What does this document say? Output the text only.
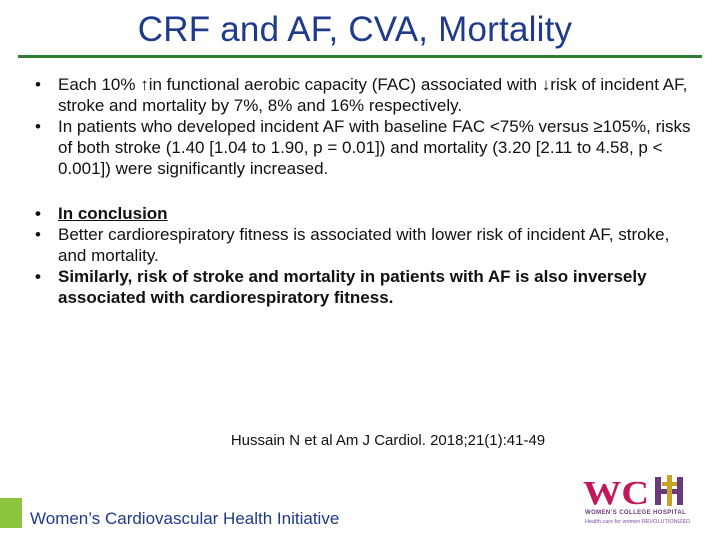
CRF and AF, CVA, Mortality

• Each 10% ↑in functional aerobic capacity (FAC) associated with ↓risk of incident AF, stroke and mortality by 7%, 8% and 16% respectively.

• In patients who developed incident AF with baseline FAC <75% versus ≥105%, risks of both stroke (1.40 [1.04 to 1.90, p = 0.01]) and mortality (3.20 [2.11 to 4.58, p < 0.001]) were significantly increased.

• In conclusion

• Better cardiorespiratory fitness is associated with lower risk of incident AF, stroke, and mortality.

• Similarly, risk of stroke and mortality in patients with AF is also inversely associated with cardiorespiratory fitness.

Hussain N et al Am J Cardiol. 2018;21(1):41-49
Women’s Cardiovascular Health Initiative
WC
WOMEN’S COLLEGE HOSPITAL
Health care for women REVOLUTIONIZED
